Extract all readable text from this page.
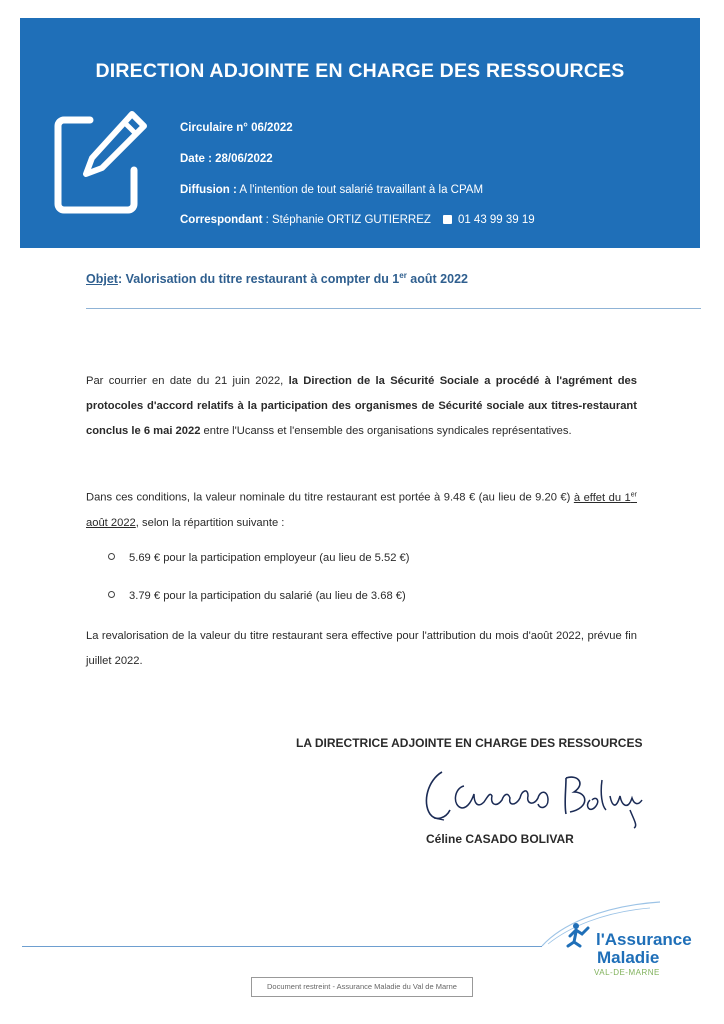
DIRECTION ADJOINTE EN CHARGE DES RESSOURCES
Circulaire n° 06/2022
Date : 28/06/2022
Diffusion : A l'intention de tout salarié travaillant à la CPAM
Correspondant : Stéphanie ORTIZ GUTIERREZ 01 43 99 39 19
Objet: Valorisation du titre restaurant à compter du 1er août 2022
Par courrier en date du 21 juin 2022, la Direction de la Sécurité Sociale a procédé à l'agrément des protocoles d'accord relatifs à la participation des organismes de Sécurité sociale aux titres-restaurant conclus le 6 mai 2022 entre l'Ucanss et l'ensemble des organisations syndicales représentatives.
Dans ces conditions, la valeur nominale du titre restaurant est portée à 9.48 € (au lieu de 9.20 €) à effet du 1er août 2022, selon la répartition suivante :
5.69 € pour la participation employeur (au lieu de 5.52 €)
3.79 € pour la participation du salarié (au lieu de 3.68 €)
La revalorisation de la valeur du titre restaurant sera effective pour l'attribution du mois d'août 2022, prévue fin juillet 2022.
LA DIRECTRICE ADJOINTE EN CHARGE DES RESSOURCES
Céline CASADO BOLIVAR
l'Assurance
Maladie
VAL-DE-MARNE
Document restreint - Assurance Maladie du Val de Marne
